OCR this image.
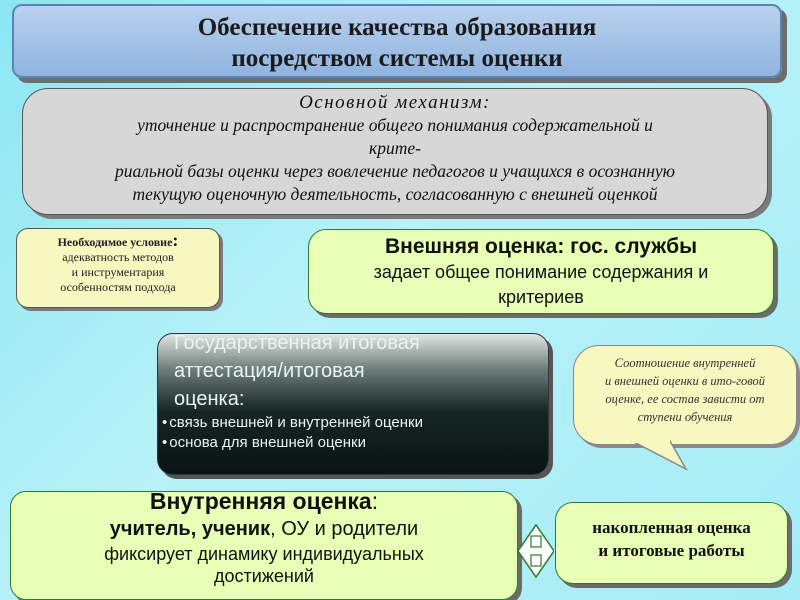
Обеспечение качества образования
посредством системы оценки
Основной механизм:
уточнение и распространение общего понимания содержательной и
крите-
риальной базы оценки через вовлечение педагогов и учащихся в осознанную
текущую оценочную деятельность, согласованную с внешней оценкой
Необходимое условие:
адекватность методов
и инструментария
особенностям подхода
Внешняя оценка: гос. службы
задает общее понимание содержания и
критериев
Государственная итоговая
аттестация/итоговая
оценка:
• связь внешней и внутренней оценки
• основа для внешней оценки
Соотношение внутренней
и внешней оценки в ито-говой
оценке, ее состав зависти от
ступени обучения
Внутренняя оценка:
учитель, ученик, ОУ и родители
фиксирует динамику индивидуальных
достижений
накопленная оценка
и итоговые работы
